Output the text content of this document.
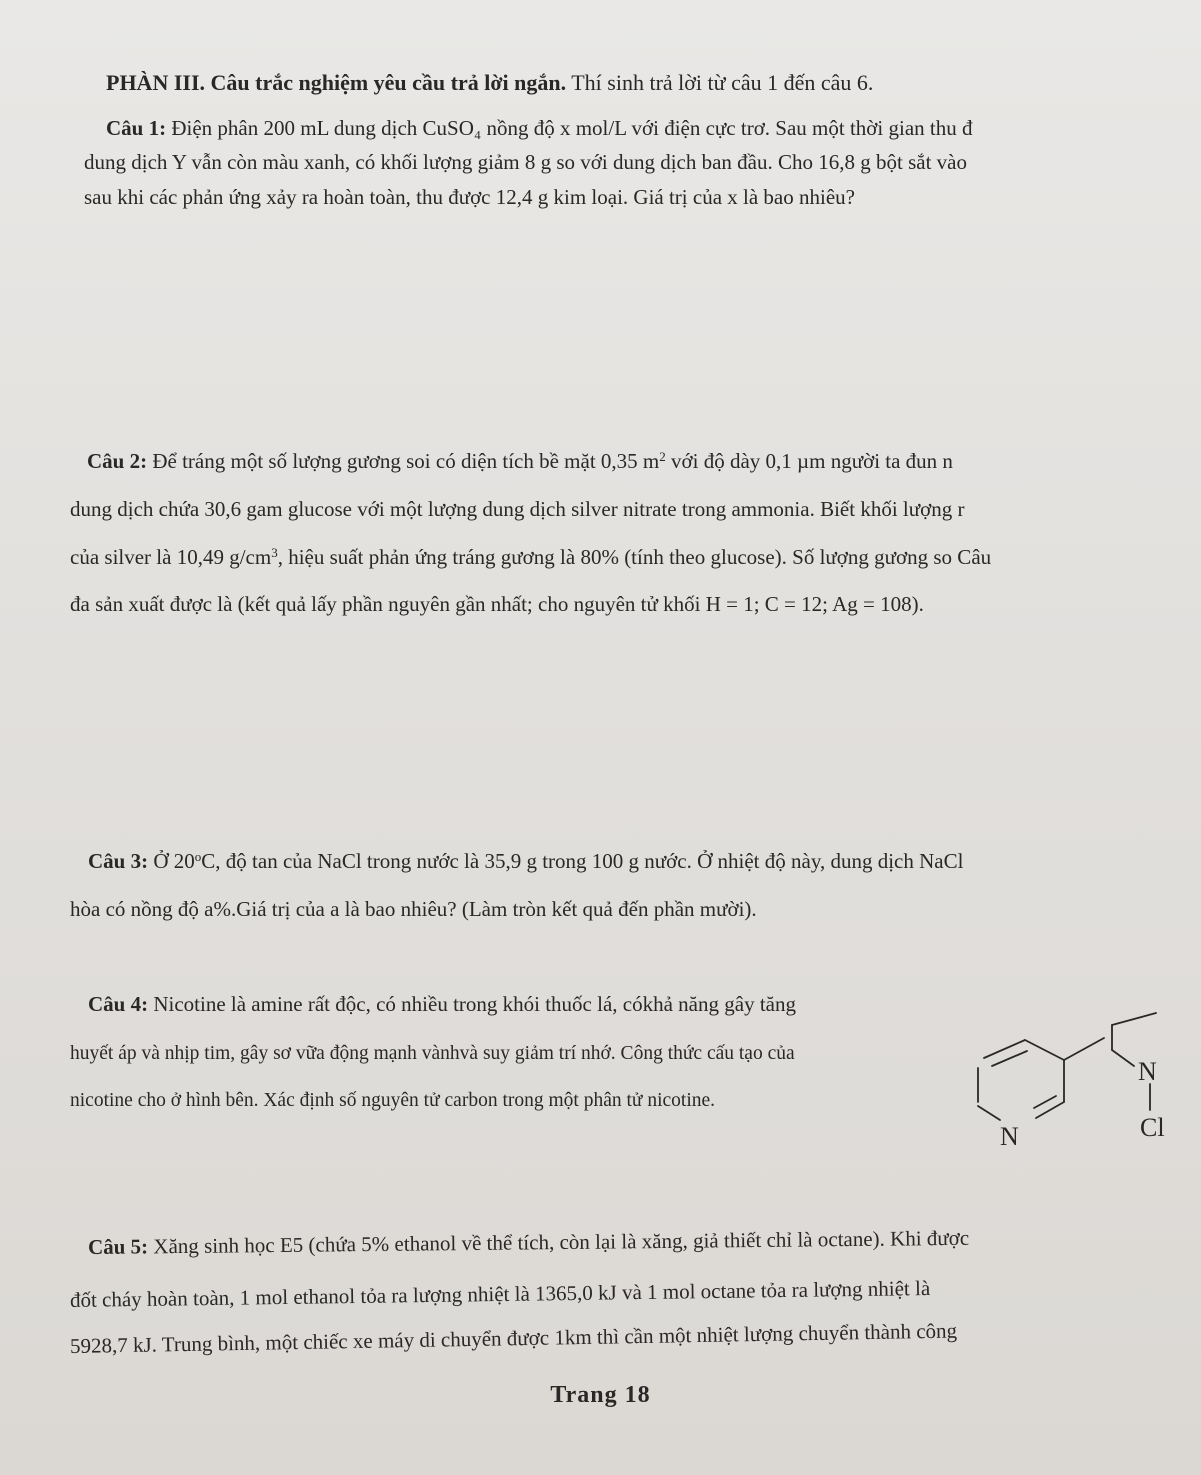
PHÀN III. Câu trắc nghiệm yêu cầu trả lời ngắn. Thí sinh trả lời từ câu 1 đến câu 6.
Câu 1: Điện phân 200 mL dung dịch CuSO₄ nồng độ x mol/L với điện cực trơ. Sau một thời gian thu đ
dung dịch Y vẫn còn màu xanh, có khối lượng giảm 8 g so với dung dịch ban đầu. Cho 16,8 g bột sắt vào
sau khi các phản ứng xảy ra hoàn toàn, thu được 12,4 g kim loại. Giá trị của x là bao nhiêu?
Câu 2: Để tráng một số lượng gương soi có diện tích bề mặt 0,35 $m^2$ với độ dày 0,1 µm người ta đun n
dung dịch chứa 30,6 gam glucose với một lượng dung dịch silver nitrate trong ammonia. Biết khối lượng r
của silver là 10,49 $g/cm^3$, hiệu suất phản ứng tráng gương là 80% (tính theo glucose). Số lượng gương so Câu
đa sản xuất được là (kết quả lấy phần nguyên gần nhất; cho nguyên tử khối H = 1; C = 12; Ag = 108).
Câu 3: Ở 20$^o$C, độ tan của NaCl trong nước là 35,9 g trong 100 g nước. Ở nhiệt độ này, dung dịch NaCl
hòa có nồng độ a%.Giá trị của a là bao nhiêu? (Làm tròn kết quả đến phần mười).
Câu 4: Nicotine là amine rất độc, có nhiều trong khói thuốc lá, cókhả năng gây tăng
huyết áp và nhịp tim, gây sơ vữa động mạnh vànhvà suy giảm trí nhớ. Công thức cấu tạo của
nicotine cho ở hình bên. Xác định số nguyên tử carbon trong một phân tử nicotine.
N
N
Cl
Câu 5: Xăng sinh học E5 (chứa 5% ethanol về thể tích, còn lại là xăng, giả thiết chỉ là octane). Khi được
đốt cháy hoàn toàn, 1 mol ethanol tỏa ra lượng nhiệt là 1365,0 kJ và 1 mol octane tỏa ra lượng nhiệt là
5928,7 kJ. Trung bình, một chiếc xe máy di chuyển được 1km thì cần một nhiệt lượng chuyển thành công
Trang 18
